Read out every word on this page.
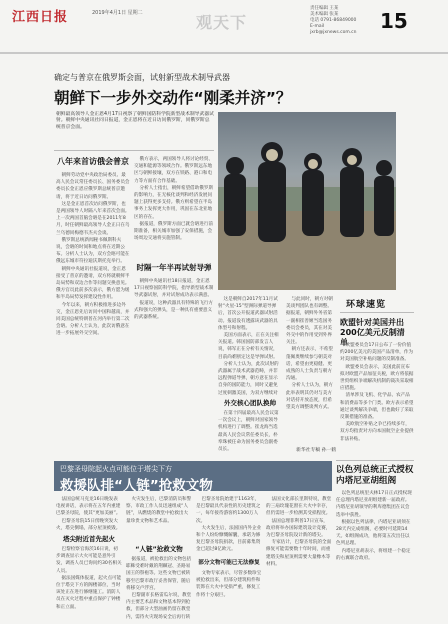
江西日报	2019年4月1日 星期二	观天下
责任编辑 王某
美术编辑 张某
电话 0791-86849000
E-mail jxrb@jxnews.com.cn	15
确定与普京在俄罗斯会面，试射新型战术制导武器
朝鲜下一步外交动作“刚柔并济”？
朝鲜最高领导人金正恩4月17日视察了朝鲜国防科学院新型战术制导武器试射。朝鲜中央通讯社同日报道，金正恩将在近日访问俄罗斯，同俄罗斯总统普京会面。
八年来首访俄会普京

朝鲜劳动党中央政治局委员、最高人民会议常任委员长、国务委员会委员长金正恩应俄罗斯总统普京邀请，将于近日访问俄罗斯。

这是金正恩首次访问俄罗斯，也是两国领导人时隔八年来首次会面。上一次两国首脑会晤是在2011年8月，时任朝鲜最高领导人金正日在乌兰乌德同梅德韦杰夫会谈。

俄罗斯总统新闻秘书佩斯科夫说，会晤的时间和地点将在近期公布。分析人士认为，双方会晤可能在俄远东城市符拉迪沃斯托克举行。

朝鲜中央通讯社报道说，金正恩接受了普京的邀请，双方将就朝鲜半岛局势和双边合作等问题交换意见。俄方官员此前多次表示，俄方愿为缓和半岛局势发挥建设性作用。

今年以来，朝方积极推进多边外交，金正恩先后访问中国和越南，并同美国总统特朗普在河内举行第二次会晤。分析人士认为，此次访俄意在进一步拓展外交空间。

俄方表示，两国领导人将讨论经贸、交通和能源等领域合作。俄罗斯远东地区与朝鲜接壤，双方在铁路、港口和电力等方面有合作基础。

分析人士指出，朝鲜希望借助俄罗斯的影响力，在无核化谈判和经济发展问题上获得更多支持。俄方则希望在半岛事务上发挥更大作用，巩固在东北亚地区的存在。

据报道，俄罗斯方面已就会晤进行前期准备，相关城市加强了安保措施，会场周边交通将实施管制。

时隔一年半再试射导弹

朝鲜中央通讯社18日报道，金正恩17日视察国防科学院，指导新型战术制导武器试射，并对试射成功表示满意。

报道说，这种武器具有特殊的飞行方式和强大的弹头，是一种具有重要意义的武器系统。

这是朝鲜自2017年11月试射“火星-15”型洲际弹道导弹后，首次公开报道武器试射活动。报道没有透露该武器的具体型号和射程。

美国方面表示，正在关注相关报道。韩国国防部发言人说，韩军正在分析有关情况，目前尚难断定这是导弹试射。

分析人士认为，此次试射的武器属于战术武器范畴，并非远程弹道导弹，朝方意在显示自身的国防能力，同时又避免过度刺激美国，为双方继续对

外交核心团队换帅

在第十四届最高人民会议第一次会议上，朝鲜对国家领导机构进行了调整。崔龙海当选最高人民会议常任委员长，朴奉珠被任命为国务委员会副委员长。

与此同时，朝方对朝美谈判团队也有调整。据报道，朝鲜外务省第一副相崔善姬当选国务委员会委员，其在对美外交中的作用受到外界关注。

朝方还表示，不希望蓬佩奥继续参与朝美对话，希望由更稳健、更成熟的人士负责与朝方沟通。

分析人士认为，朝方此举表明其仍对与美方对话持开放态度，但希望美方调整谈判方式。

新华社专稿 孙一鹤
环球速览
欧盟针对美国并出200亿美元反制清单

欧盟委员会17日公布了一份价值约200亿美元的美国产品清单，作为对美国航空补贴问题的反制准备。

欧盟委员会表示，美国此前宣布拟对欧盟产品加征关税，欧方将依据世贸组织争端解决机制的裁决采取相应措施。

清单涉及飞机、化学品、农产品和消费品等多个门类。欧方表示希望通过谈判解决争端，但也做好了采取反制措施的准备。

美欧航空补贴之争已持续多年，双方均指责对方向本国航空企业提供非法补贴。

以色列总统正式授权内塔尼亚胡组阁

以色列总统里夫林17日正式授权现任总理内塔尼亚胡组建新一届政府。内塔尼亚胡领导的利库德集团在议会选举中获胜。

根据以色列法律，内塔尼亚胡须在28天内完成组阁，必要时可延期14天。如组阁成功，他将第五次出任以色列总理。

内塔尼亚胡表示，将组建一个稳定的右翼联合政府。

巴黎圣母院起火点可能位于塔尖下方
救援队排“人链”抢救文物

法国总统马克龙16日晚发表电视讲话，表示将在五年内重建巴黎圣母院，使其“更加美丽”。

巴黎圣母院15日傍晚突发大火，塔尖倒塌，部分屋顶被毁。

塔尖附近首先起火

巴黎检察官海茨16日说，初步调查显示大火可能是意外引发，调查人员已询问约30名相关人员。

据法国媒体报道，起火点可能位于塔尖下方的阁楼部位，当时该处正在进行修缮施工。消防人员在灭火过程中重点保护了钟楼和正立面。

火灾发生后，巴黎消防员和警察、市政工作人员迅速组成“人链”，从燃烧的教堂中抢救出大量珍贵文物和艺术品。

“人链”抢救文物

据报道，被抢救出的文物包括耶稣受难时戴的荆棘冠、圣路易国王的祭袍等。这些文物已被转移至巴黎市政厅妥善保管，随后将移交卢浮宫。

巴黎副市长格雷瓜尔说，教堂内主要艺术品和文物基本得到抢救，但部分大型油画仍留在教堂内，需待火灾现场安全后再行转

巴黎圣母院始建于1163年，是巴黎最具代表性的历史建筑之一，每年接待游客约1300万人次。

大火发生后，法国国内外企业和个人纷纷慷慨解囊，承诺为修复巴黎圣母院捐款，目前募集资金已超过8亿欧元。

部分文物可能已无法修复

文物专家表示，尽管多数珍宝被抢救出来，但部分建筑构件和装饰在大火中受损严重，修复工作将十分艰巨。

法国文化部长里斯特说，教堂的三扇玫瑰花窗在大火中幸存，但仍需进一步检测其受损程度。

法国总理菲利普17日宣布，政府将举办国际建筑设计竞赛，为巴黎圣母院设计新的塔尖。

专家估计，巴黎圣母院的全面修复可能需要数十年时间，而重建塔尖和屋顶则需要大量橡木等材料。
